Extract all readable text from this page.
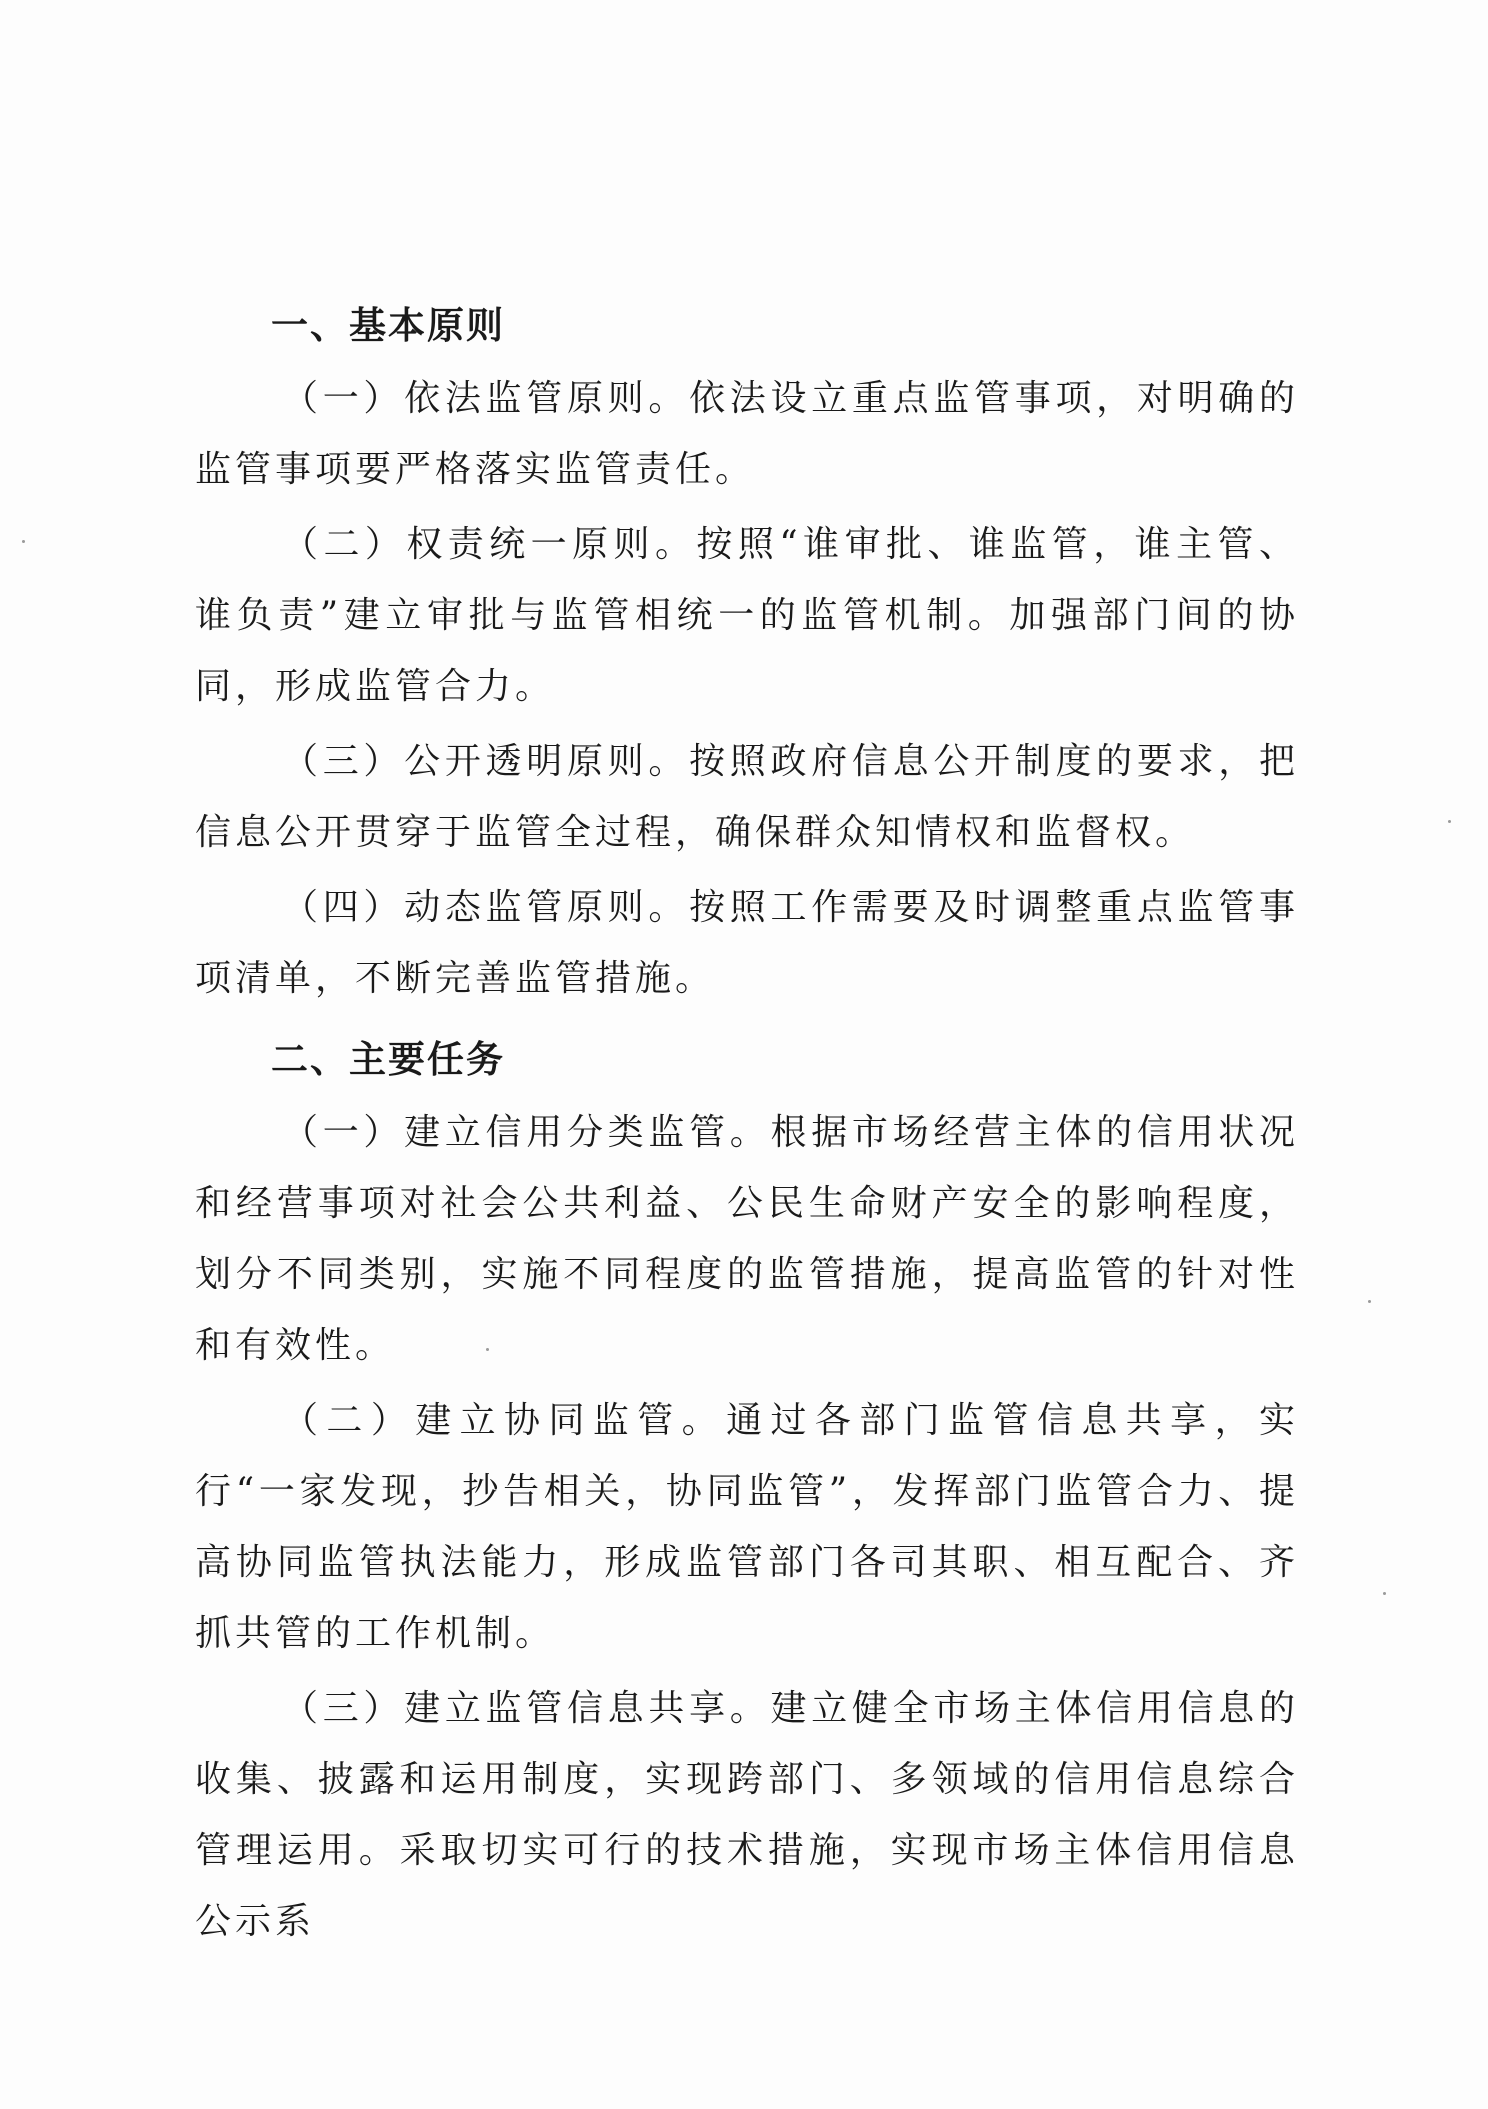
一、基本原则

（一）依法监管原则。依法设立重点监管事项，对明确的监管事项要严格落实监管责任。

（二）权责统一原则。按照“谁审批、谁监管，谁主管、谁负责”建立审批与监管相统一的监管机制。加强部门间的协同，形成监管合力。

（三）公开透明原则。按照政府信息公开制度的要求，把信息公开贯穿于监管全过程，确保群众知情权和监督权。

（四）动态监管原则。按照工作需要及时调整重点监管事项清单，不断完善监管措施。

二、主要任务

（一）建立信用分类监管。根据市场经营主体的信用状况和经营事项对社会公共利益、公民生命财产安全的影响程度，划分不同类别，实施不同程度的监管措施，提高监管的针对性和有效性。

（二）建立协同监管。通过各部门监管信息共享，实行“一家发现，抄告相关，协同监管”，发挥部门监管合力、提高协同监管执法能力，形成监管部门各司其职、相互配合、齐抓共管的工作机制。

（三）建立监管信息共享。建立健全市场主体信用信息的收集、披露和运用制度，实现跨部门、多领域的信用信息综合管理运用。采取切实可行的技术措施，实现市场主体信用信息公示系
